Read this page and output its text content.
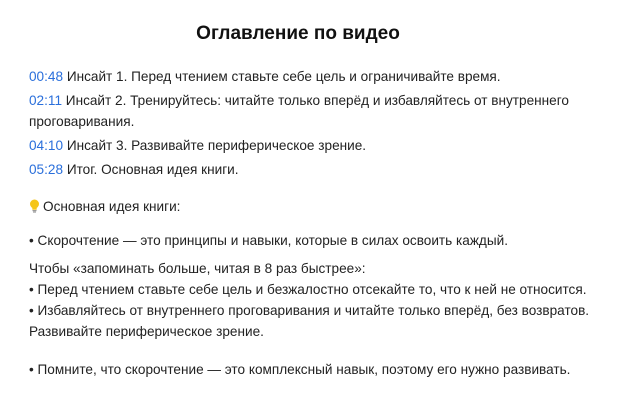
Оглавление по видео
00:48 Инсайт 1. Перед чтением ставьте себе цель и ограничивайте время.
02:11 Инсайт 2. Тренируйтесь: читайте только вперёд и избавляйтесь от внутреннего проговаривания.
04:10 Инсайт 3. Развивайте периферическое зрение.
05:28 Итог. Основная идея книги.

Основная идея книги:

• Скорочтение — это принципы и навыки, которые в силах освоить каждый.

Чтобы «запоминать больше, читая в 8 раз быстрее»:

• Перед чтением ставьте себе цель и безжалостно отсекайте то, что к ней не относится.

• Избавляйтесь от внутреннего проговаривания и читайте только вперёд, без возвратов.

Развивайте периферическое зрение.

• Помните, что скорочтение — это комплексный навык, поэтому его нужно развивать.
